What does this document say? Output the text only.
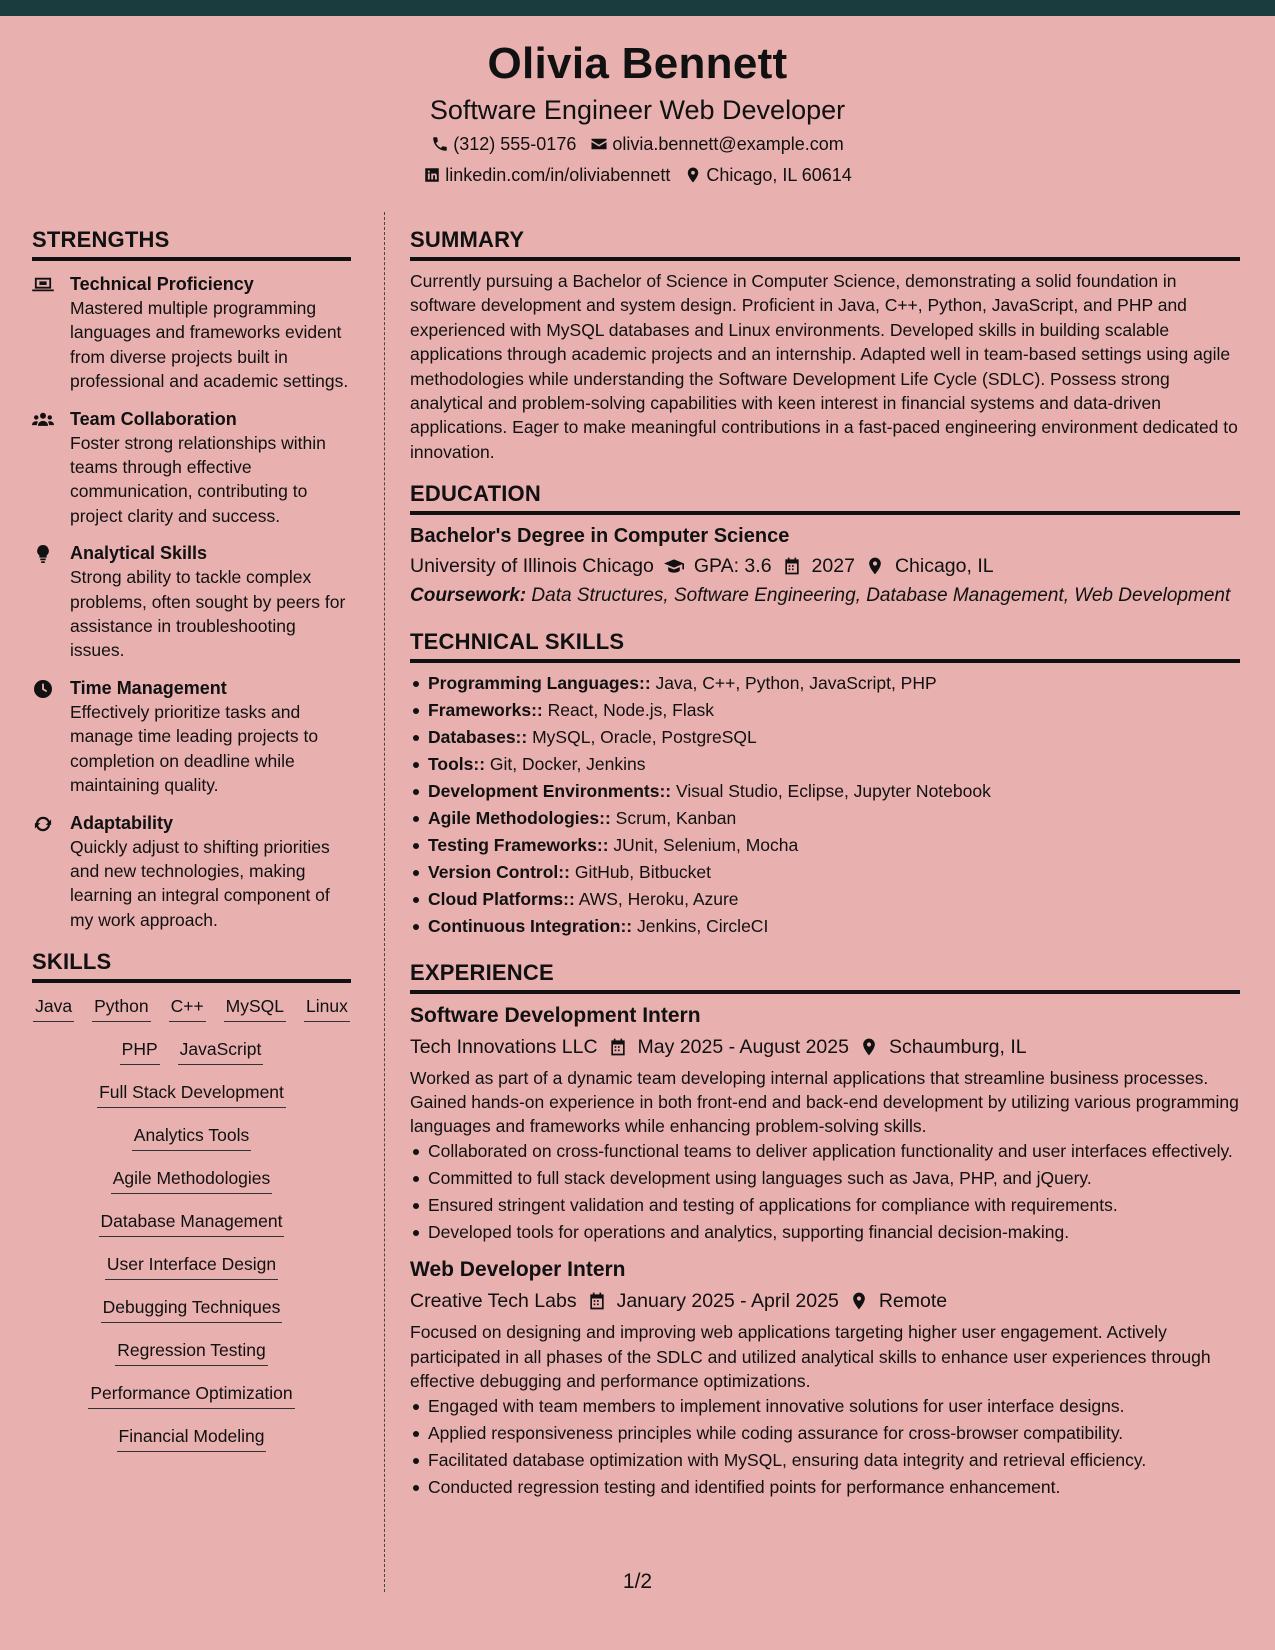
Olivia Bennett
Software Engineer Web Developer
(312) 555-0176 olivia.bennett@example.com
linkedin.com/in/oliviabennett Chicago, IL 60614
STRENGTHS
Technical Proficiency
Mastered multiple programming languages and frameworks evident from diverse projects built in professional and academic settings.
Team Collaboration
Foster strong relationships within teams through effective communication, contributing to project clarity and success.
Analytical Skills
Strong ability to tackle complex problems, often sought by peers for assistance in troubleshooting issues.
Time Management
Effectively prioritize tasks and manage time leading projects to completion on deadline while maintaining quality.
Adaptability
Quickly adjust to shifting priorities and new technologies, making learning an integral component of my work approach.
SKILLS
Java Python C++ MySQL Linux
PHP JavaScript
Full Stack Development
Analytics Tools
Agile Methodologies
Database Management
User Interface Design
Debugging Techniques
Regression Testing
Performance Optimization
Financial Modeling
SUMMARY
Currently pursuing a Bachelor of Science in Computer Science, demonstrating a solid foundation in software development and system design. Proficient in Java, C++, Python, JavaScript, and PHP and experienced with MySQL databases and Linux environments. Developed skills in building scalable applications through academic projects and an internship. Adapted well in team-based settings using agile methodologies while understanding the Software Development Life Cycle (SDLC). Possess strong analytical and problem-solving capabilities with keen interest in financial systems and data-driven applications. Eager to make meaningful contributions in a fast-paced engineering environment dedicated to innovation.
EDUCATION
Bachelor's Degree in Computer Science
University of Illinois Chicago GPA: 3.6 2027 Chicago, IL
Coursework: Data Structures, Software Engineering, Database Management, Web Development
TECHNICAL SKILLS
Programming Languages:: Java, C++, Python, JavaScript, PHP
Frameworks:: React, Node.js, Flask
Databases:: MySQL, Oracle, PostgreSQL
Tools:: Git, Docker, Jenkins
Development Environments:: Visual Studio, Eclipse, Jupyter Notebook
Agile Methodologies:: Scrum, Kanban
Testing Frameworks:: JUnit, Selenium, Mocha
Version Control:: GitHub, Bitbucket
Cloud Platforms:: AWS, Heroku, Azure
Continuous Integration:: Jenkins, CircleCI
EXPERIENCE
Software Development Intern
Tech Innovations LLC May 2025 - August 2025 Schaumburg, IL
Worked as part of a dynamic team developing internal applications that streamline business processes. Gained hands-on experience in both front-end and back-end development by utilizing various programming languages and frameworks while enhancing problem-solving skills.
Collaborated on cross-functional teams to deliver application functionality and user interfaces effectively.
Committed to full stack development using languages such as Java, PHP, and jQuery.
Ensured stringent validation and testing of applications for compliance with requirements.
Developed tools for operations and analytics, supporting financial decision-making.
Web Developer Intern
Creative Tech Labs January 2025 - April 2025 Remote
Focused on designing and improving web applications targeting higher user engagement. Actively participated in all phases of the SDLC and utilized analytical skills to enhance user experiences through effective debugging and performance optimizations.
Engaged with team members to implement innovative solutions for user interface designs.
Applied responsiveness principles while coding assurance for cross-browser compatibility.
Facilitated database optimization with MySQL, ensuring data integrity and retrieval efficiency.
Conducted regression testing and identified points for performance enhancement.
1/2
